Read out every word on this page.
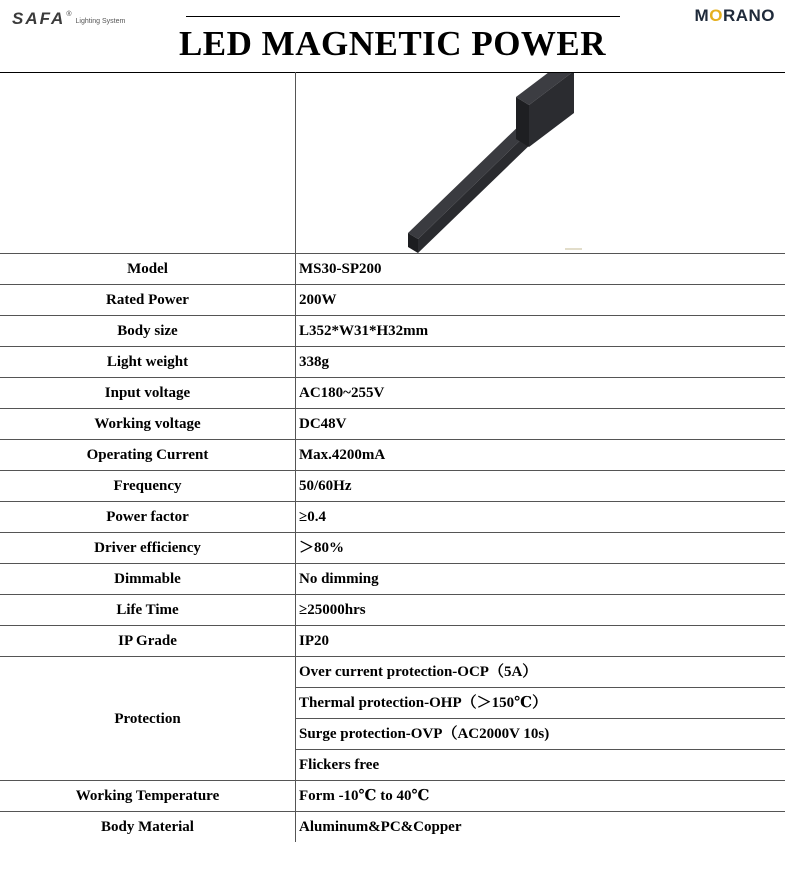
SAFA ®
Lighting System	MORANO
LED MAGNETIC POWER

Model	MS30-SP200
Rated Power	200W
Body size	L352*W31*H32mm
Light weight	338g
Input voltage	AC180~255V
Working voltage	DC48V
Operating Current	Max.4200mA
Frequency	50/60Hz
Power factor	≥0.4
Driver efficiency	＞80%
Dimmable	No dimming
Life Time	≥25000hrs
IP Grade	IP20
Protection	Over current protection-OCP（5A）
	Thermal protection-OHP（＞150℃）
	Surge protection-OVP（AC2000V 10s)
	Flickers free
Working Temperature	Form -10℃ to 40℃
Body Material	Aluminum&PC&Copper
